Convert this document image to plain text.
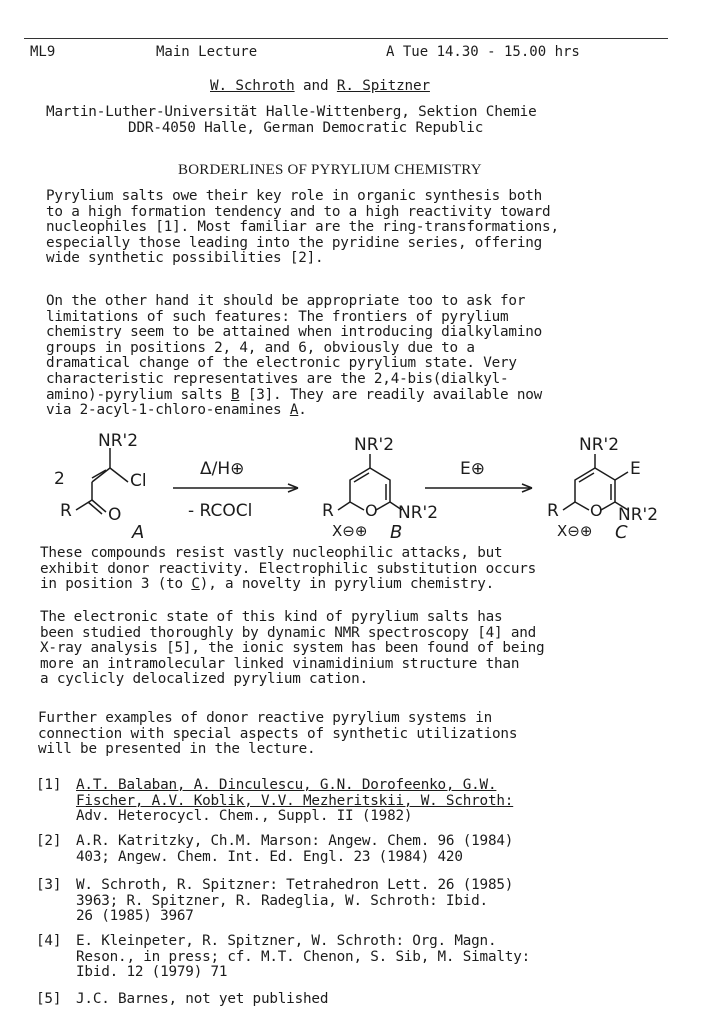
ML9	Main Lecture	A Tue 14.30 - 15.00 hrs
W. Schroth and R. Spitzner
Martin-Luther-Universität Halle-Wittenberg, Sektion Chemie
DDR-4050 Halle, German Democratic Republic
BORDERLINES OF PYRYLIUM CHEMISTRY
Pyrylium salts owe their key role in organic synthesis both
to a high formation tendency and to a high reactivity toward
nucleophiles [1]. Most familiar are the ring-transformations,
especially those leading into the pyridine series, offering
wide synthetic possibilities [2].
On the other hand it should be appropriate too to ask for
limitations of such features: The frontiers of pyrylium
chemistry seem to be attained when introducing dialkylamino
groups in positions 2, 4, and 6, obviously due to a
dramatical change of the electronic pyrylium state. Very
characteristic representatives are the 2,4-bis(dialkyl-
amino)-pyrylium salts B [3]. They are readily available now
via 2-acyl-1-chloro-enamines A.
2
NR'2
Cl
R O
A
Δ/H⊕
- RCOCl
NR'2
O
R	NR'2
X⊖⊕ B
E⊕
NR'2
E
O
R	NR'2
X⊖⊕ C
These compounds resist vastly nucleophilic attacks, but
exhibit donor reactivity. Electrophilic substitution occurs
in position 3 (to C), a novelty in pyrylium chemistry.
The electronic state of this kind of pyrylium salts has
been studied thoroughly by dynamic NMR spectroscopy [4] and
X-ray analysis [5], the ionic system has been found of being
more an intramolecular linked vinamidinium structure than
a cyclicly delocalized pyrylium cation.
Further examples of donor reactive pyrylium systems in
connection with special aspects of synthetic utilizations
will be presented in the lecture.
[1] A.T. Balaban, A. Dinculescu, G.N. Dorofeenko, G.W.
Fischer, A.V. Koblik, V.V. Mezheritskii, W. Schroth:
Adv. Heterocycl. Chem., Suppl. II (1982)
[2] A.R. Katritzky, Ch.M. Marson: Angew. Chem. 96 (1984)
403; Angew. Chem. Int. Ed. Engl. 23 (1984) 420
[3] W. Schroth, R. Spitzner: Tetrahedron Lett. 26 (1985)
3963; R. Spitzner, R. Radeglia, W. Schroth: Ibid.
26 (1985) 3967
[4] E. Kleinpeter, R. Spitzner, W. Schroth: Org. Magn.
Reson., in press; cf. M.T. Chenon, S. Sib, M. Simalty:
Ibid. 12 (1979) 71
[5] J.C. Barnes, not yet published
